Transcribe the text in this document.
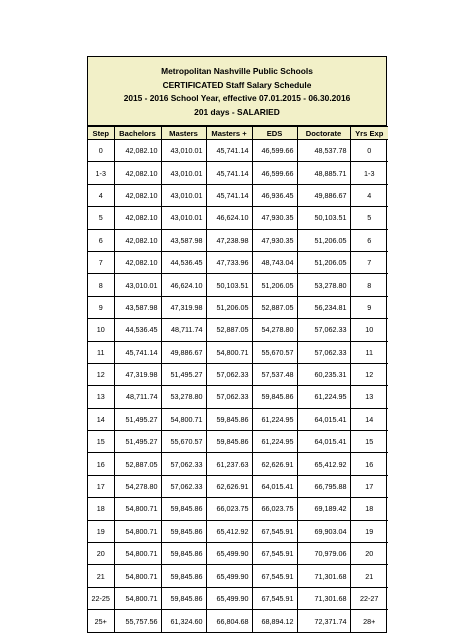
Metropolitan Nashville Public Schools
CERTIFICATED Staff Salary Schedule
2015 - 2016 School Year, effective 07.01.2015 - 06.30.2016
201 days - SALARIED
Step	Bachelors	Masters	Masters +	EDS	Doctorate	Yrs Exp
0	42,082.10	43,010.01	45,741.14	46,599.66	48,537.78	0
1-3	42,082.10	43,010.01	45,741.14	46,599.66	48,885.71	1-3
4	42,082.10	43,010.01	45,741.14	46,936.45	49,886.67	4
5	42,082.10	43,010.01	46,624.10	47,930.35	50,103.51	5
6	42,082.10	43,587.98	47,238.98	47,930.35	51,206.05	6
7	42,082.10	44,536.45	47,733.96	48,743.04	51,206.05	7
8	43,010.01	46,624.10	50,103.51	51,206.05	53,278.80	8
9	43,587.98	47,319.98	51,206.05	52,887.05	56,234.81	9
10	44,536.45	48,711.74	52,887.05	54,278.80	57,062.33	10
11	45,741.14	49,886.67	54,800.71	55,670.57	57,062.33	11
12	47,319.98	51,495.27	57,062.33	57,537.48	60,235.31	12
13	48,711.74	53,278.80	57,062.33	59,845.86	61,224.95	13
14	51,495.27	54,800.71	59,845.86	61,224.95	64,015.41	14
15	51,495.27	55,670.57	59,845.86	61,224.95	64,015.41	15
16	52,887.05	57,062.33	61,237.63	62,626.91	65,412.92	16
17	54,278.80	57,062.33	62,626.91	64,015.41	66,795.88	17
18	54,800.71	59,845.86	66,023.75	66,023.75	69,189.42	18
19	54,800.71	59,845.86	65,412.92	67,545.91	69,903.04	19
20	54,800.71	59,845.86	65,499.90	67,545.91	70,979.06	20
21	54,800.71	59,845.86	65,499.90	67,545.91	71,301.68	21
22-25	54,800.71	59,845.86	65,499.90	67,545.91	71,301.68	22-27
25+	55,757.56	61,324.60	66,804.68	68,894.12	72,371.74	28+
